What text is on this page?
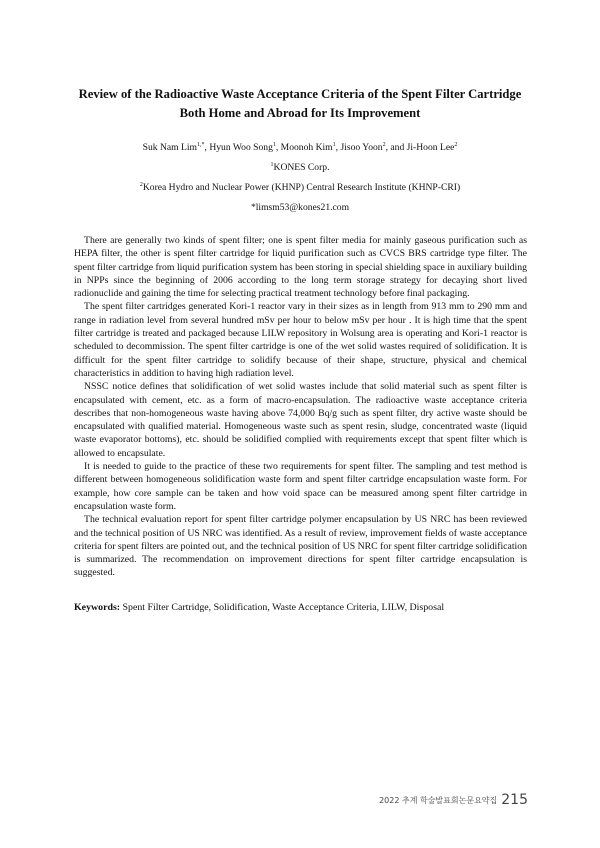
Review of the Radioactive Waste Acceptance Criteria of the Spent Filter Cartridge
Both Home and Abroad for Its Improvement
Suk Nam Lim$^{1,*}$, Hyun Woo Song$^1$, Moonoh Kim$^1$, Jisoo Yoon$^2$, and Ji-Hoon Lee$^2$
$^1$KONES Corp.
$^2$Korea Hydro and Nuclear Power (KHNP) Central Research Institute (KHNP-CRI)
*limsm53@kones21.com

There are generally two kinds of spent filter; one is spent filter media for mainly gaseous purification such as HEPA filter, the other is spent filter cartridge for liquid purification such as CVCS BRS cartridge type filter. The spent filter cartridge from liquid purification system has been storing in special shielding space in auxiliary building in NPPs since the beginning of 2006 according to the long term storage strategy for decaying short lived radionuclide and gaining the time for selecting practical treatment technology before final packaging.

The spent filter cartridges generated Kori-1 reactor vary in their sizes as in length from 913 mm to 290 mm and range in radiation level from several hundred mSv per hour to below mSv per hour . It is high time that the spent filter cartridge is treated and packaged because LILW repository in Wolsung area is operating and Kori-1 reactor is scheduled to decommission. The spent filter cartridge is one of the wet solid wastes required of solidification. It is difficult for the spent filter cartridge to solidify because of their shape, structure, physical and chemical characteristics in addition to having high radiation level.

NSSC notice defines that solidification of wet solid wastes include that solid material such as spent filter is encapsulated with cement, etc. as a form of macro-encapsulation. The radioactive waste acceptance criteria describes that non-homogeneous waste having above 74,000 Bq/g such as spent filter, dry active waste should be encapsulated with qualified material. Homogeneous waste such as spent resin, sludge, concentrated waste (liquid waste evaporator bottoms), etc. should be solidified complied with requirements except that spent filter which is allowed to encapsulate.

It is needed to guide to the practice of these two requirements for spent filter. The sampling and test method is different between homogeneous solidification waste form and spent filter cartridge encapsulation waste form. For example, how core sample can be taken and how void space can be measured among spent filter cartridge in encapsulation waste form.

The technical evaluation report for spent filter cartridge polymer encapsulation by US NRC has been reviewed and the technical position of US NRC was identified. As a result of review, improvement fields of waste acceptance criteria for spent filters are pointed out, and the technical position of US NRC for spent filter cartridge solidification is summarized. The recommendation on improvement directions for spent filter cartridge encapsulation is suggested.

Keywords: Spent Filter Cartridge, Solidification, Waste Acceptance Criteria, LILW, Disposal
2022 추계 학술발표회논문요약집 215
